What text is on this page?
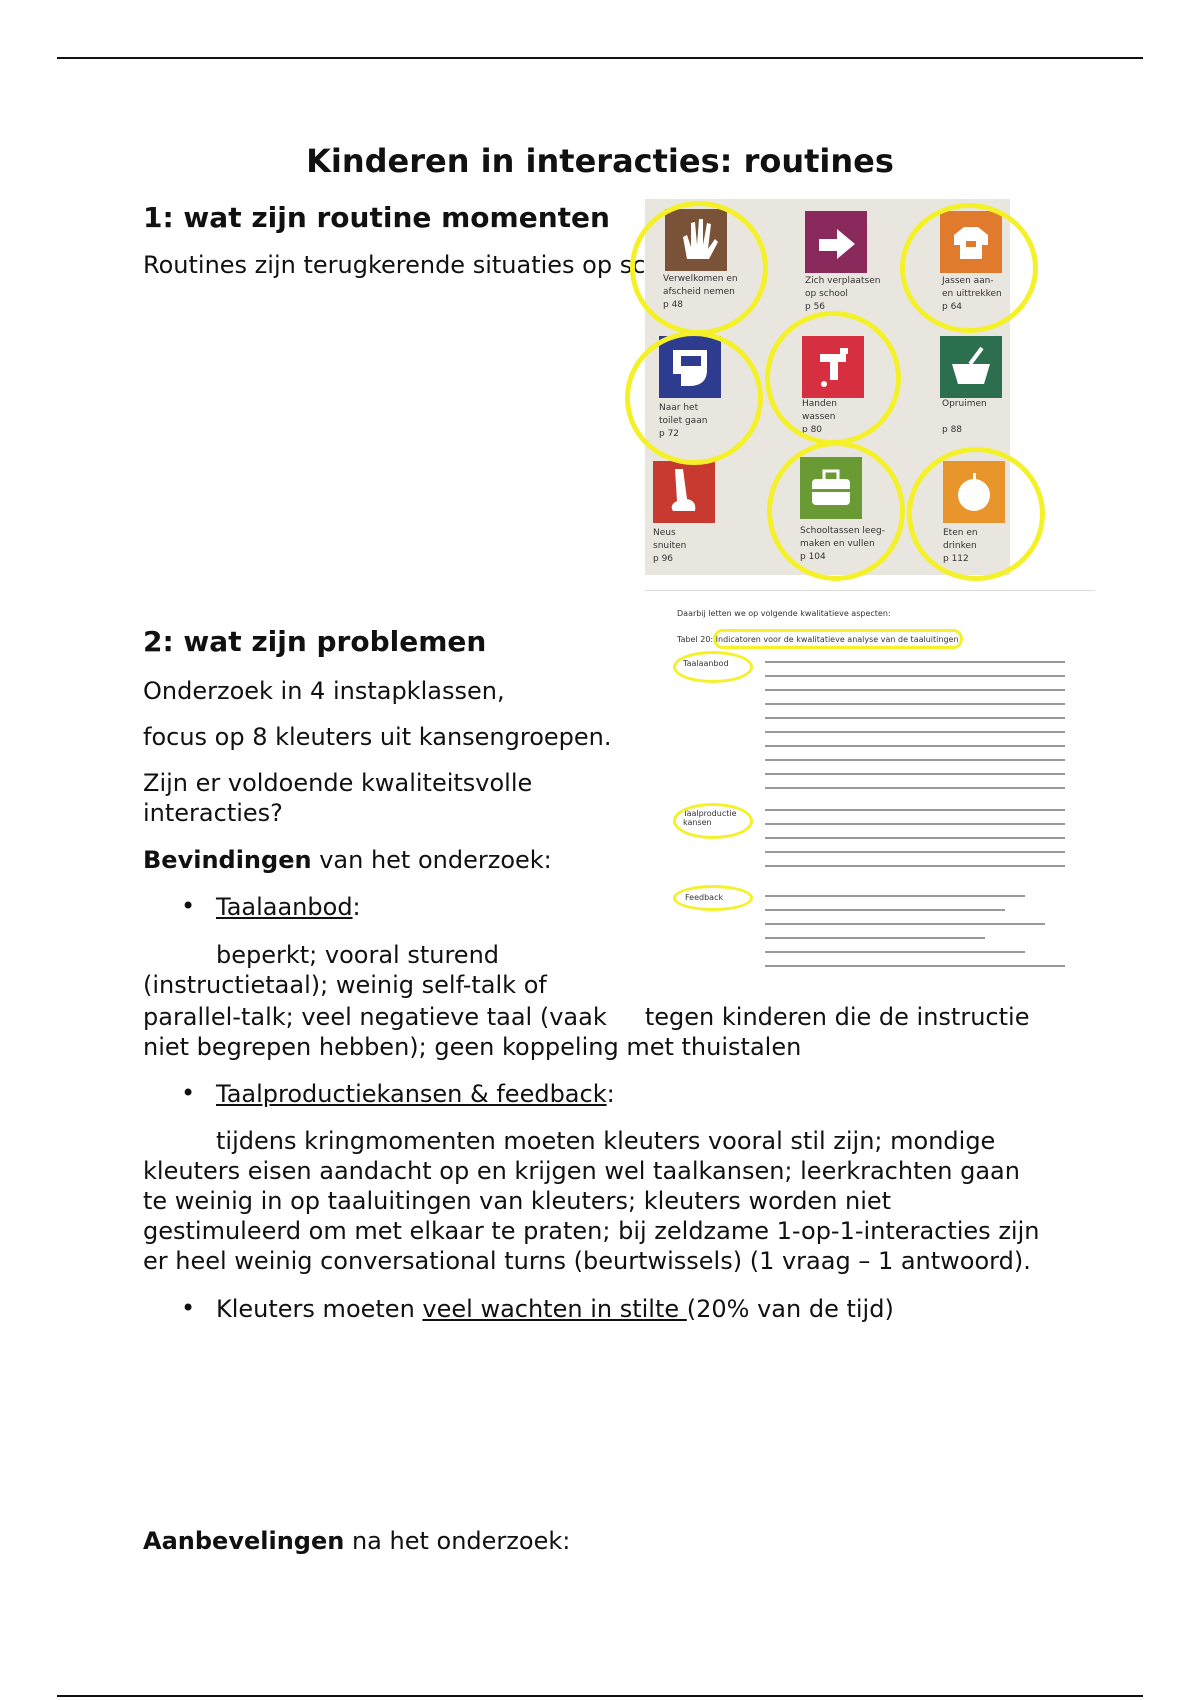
Kinderen in interacties: routines
1: wat zijn routine momenten
Routines zijn terugkerende situaties op sc Verwelkomen en
afscheid nemen
p 48
Zich verplaatsen
op school
p 56
Jassen aan-
en uittrekken
p 64
Naar het
toilet gaan
p 72
Handen
wassen
p 80
Opruimen

p 88
Neus
snuiten
p 96
Schooltassen leeg-
maken en vullen
p 104
Eten en
drinken
p 112
Daarbij letten we op volgende kwalitatieve aspecten:
Tabel 20: Indicatoren voor de kwalitatieve analyse van de taaluitingen
Taalaanbod
Taalproductie
kansen
Feedback
2: wat zijn problemen
Onderzoek in 4 instapklassen,
focus op 8 kleuters uit kansengroepen.
Zijn er voldoende kwaliteitsvolle
interacties?
Bevindingen van het onderzoek:
• Taalaanbod:
beperkt; vooral sturend
(instructietaal); weinig self-talk of
parallel-talk; veel negatieve taal (vaak     tegen kinderen die de instructie
niet begrepen hebben); geen koppeling met thuistalen
• Taalproductiekansen & feedback:
tijdens kringmomenten moeten kleuters vooral stil zijn; mondige
kleuters eisen aandacht op en krijgen wel taalkansen; leerkrachten gaan
te weinig in op taaluitingen van kleuters; kleuters worden niet
gestimuleerd om met elkaar te praten; bij zeldzame 1-op-1-interacties zijn
er heel weinig conversational turns (beurtwissels) (1 vraag – 1 antwoord).
• Kleuters moeten veel wachten in stilte (20% van de tijd)
Aanbevelingen na het onderzoek:
